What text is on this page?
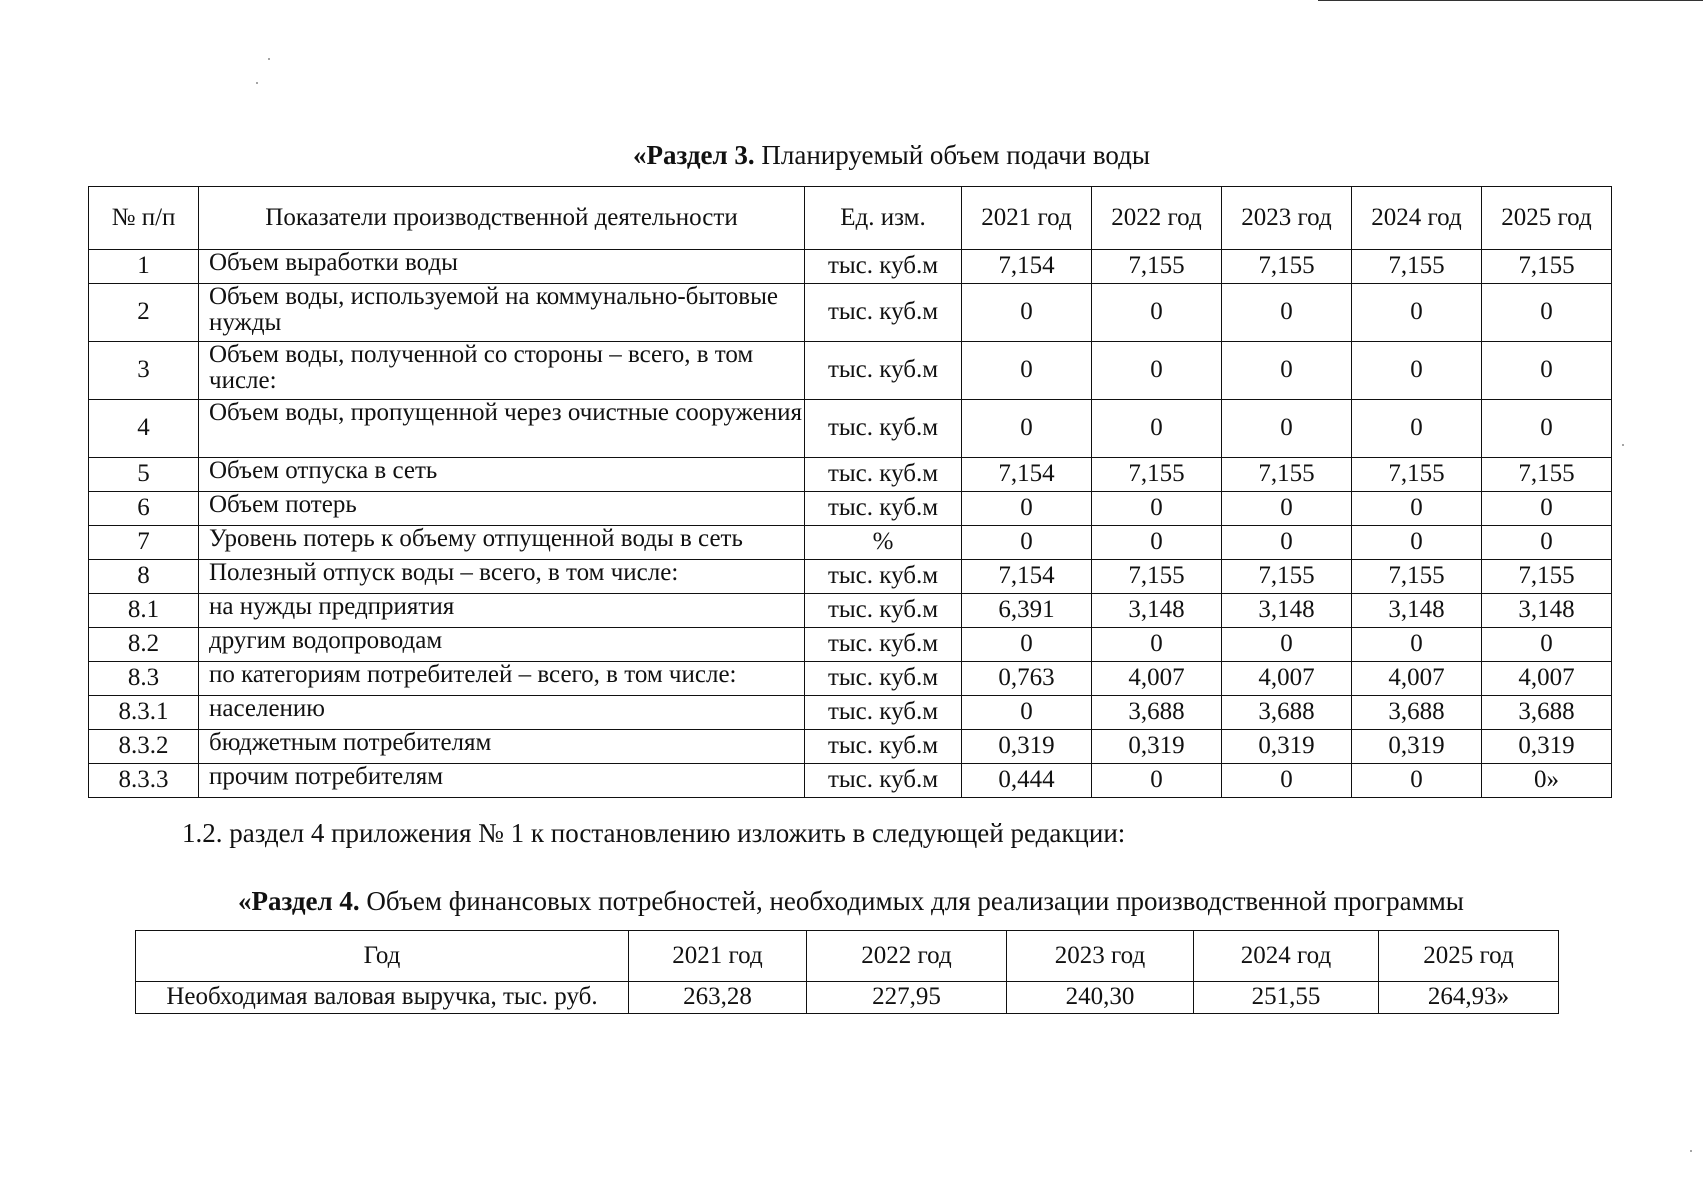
«Раздел 3. Планируемый объем подачи воды
№ п/п	Показатели производственной деятельности	Ед. изм.	2021 год	2022 год	2023 год	2024 год	2025 год
1	Объем выработки воды	тыс. куб.м	7,154	7,155	7,155	7,155	7,155
2	Объем воды, используемой на коммунально-бытовые нужды	тыс. куб.м	0	0	0	0	0
3	Объем воды, полученной со стороны – всего, в том числе:	тыс. куб.м	0	0	0	0	0
4	Объем воды, пропущенной через очистные сооружения	тыс. куб.м	0	0	0	0	0
5	Объем отпуска в сеть	тыс. куб.м	7,154	7,155	7,155	7,155	7,155
6	Объем потерь	тыс. куб.м	0	0	0	0	0
7	Уровень потерь к объему отпущенной воды в сеть	%	0	0	0	0	0
8	Полезный отпуск воды – всего, в том числе:	тыс. куб.м	7,154	7,155	7,155	7,155	7,155
8.1	на нужды предприятия	тыс. куб.м	6,391	3,148	3,148	3,148	3,148
8.2	другим водопроводам	тыс. куб.м	0	0	0	0	0
8.3	по категориям потребителей – всего, в том числе:	тыс. куб.м	0,763	4,007	4,007	4,007	4,007
8.3.1	населению	тыс. куб.м	0	3,688	3,688	3,688	3,688
8.3.2	бюджетным потребителям	тыс. куб.м	0,319	0,319	0,319	0,319	0,319
8.3.3	прочим потребителям	тыс. куб.м	0,444	0	0	0	0»
1.2. раздел 4 приложения № 1 к постановлению изложить в следующей редакции:
«Раздел 4. Объем финансовых потребностей, необходимых для реализации производственной программы
Год	2021 год	2022 год	2023 год	2024 год	2025 год
Необходимая валовая выручка, тыс. руб.	263,28	227,95	240,30	251,55	264,93»
